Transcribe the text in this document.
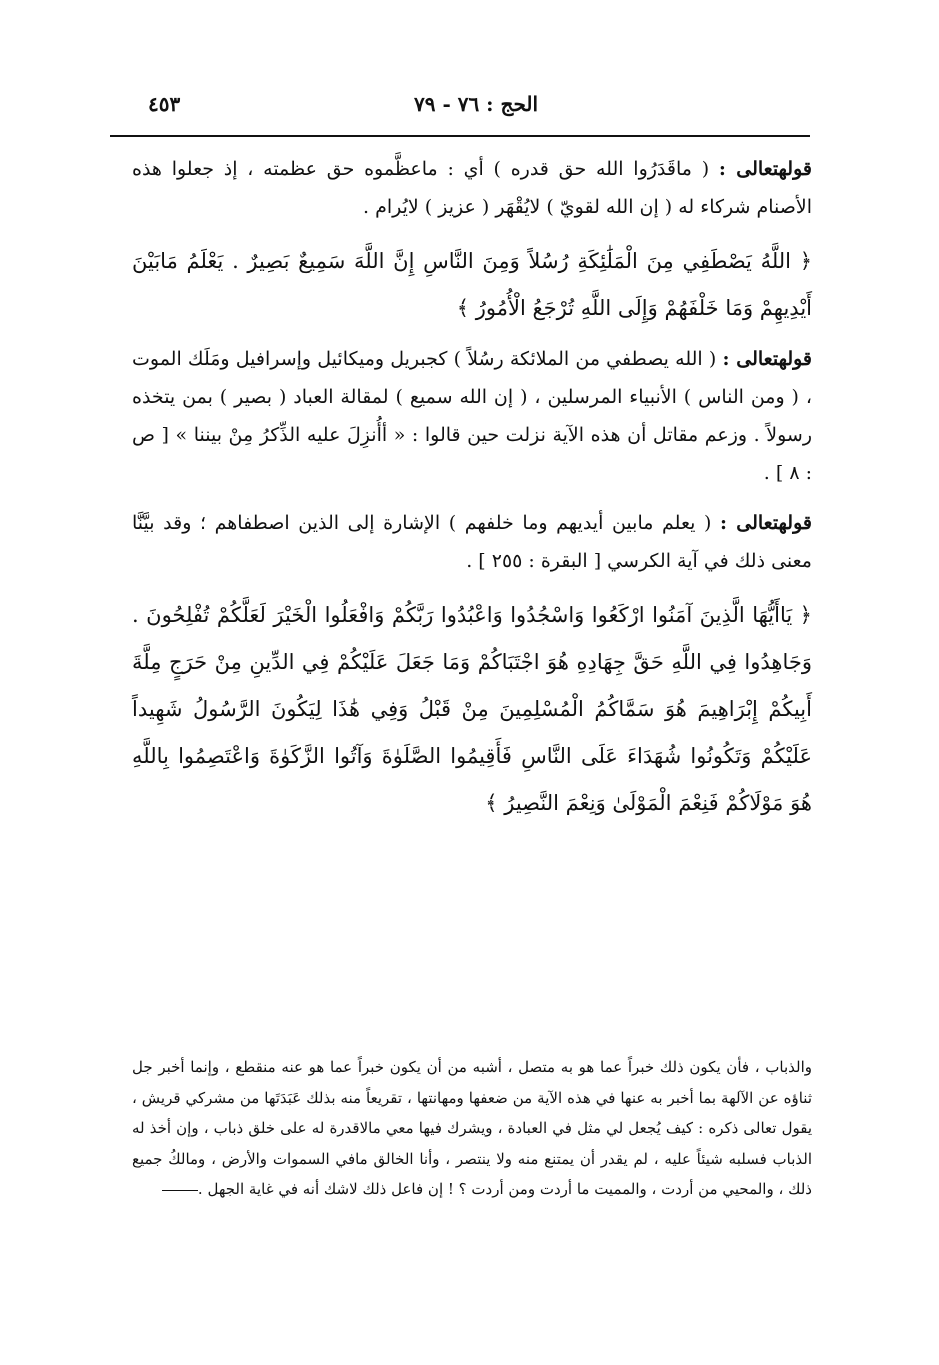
الحج : ٧٦ - ٧٩
٤٥٣

قولهتعالى : ( ماقَدَرُوا الله حق قدره ) أي : ماعظَّموه حق عظمته ، إذ جعلوا هذه الأصنام شركاء له ( إن الله لقويّ ) لايُقْهَر ( عزيز ) لايُرام .

﴿ اللَّهُ يَصْطَفِي مِنَ الْمَلَٰئِكَةِ رُسُلاً وَمِنَ النَّاسِ إِنَّ اللَّهَ سَمِيعٌ بَصِيرٌ . يَعْلَمُ مَابَيْنَ أَيْدِيهِمْ وَمَا خَلْفَهُمْ وَإِلَى اللَّهِ تُرْجَعُ الْأُمُورُ ﴾

قولهتعالى : ( الله يصطفي من الملائكة رسُلاً ) كجبريل وميكائيل وإسرافيل ومَلَك الموت ، ( ومن الناس ) الأنبياء المرسلين ، ( إن الله سميع ) لمقالة العباد ( بصير ) بمن يتخذه رسولاً . وزعم مقاتل أن هذه الآية نزلت حين قالوا : « أأُنزِلَ عليه الذِّكرُ مِنْ بيننا » [ ص : ٨ ] .

قولهتعالى : ( يعلم مابين أيديهم وما خلفهم ) الإشارة إلى الذين اصطفاهم ؛ وقد بيَّنَّا معنى ذلك في آية الكرسي [ البقرة : ٢٥٥ ] .

﴿ يَاأَيُّهَا الَّذِينَ آمَنُوا ارْكَعُوا وَاسْجُدُوا وَاعْبُدُوا رَبَّكُمْ وَافْعَلُوا الْخَيْرَ لَعَلَّكُمْ تُفْلِحُونَ . وَجَاهِدُوا فِي اللَّهِ حَقَّ جِهَادِهِ هُوَ اجْتَبَاكُمْ وَمَا جَعَلَ عَلَيْكُمْ فِي الدِّينِ مِنْ حَرَجٍ مِلَّةَ أَبِيكُمْ إِبْرَاهِيمَ هُوَ سَمَّاكُمُ الْمُسْلِمِينَ مِنْ قَبْلُ وَفِي هَٰذَا لِيَكُونَ الرَّسُولُ شَهِيداً عَلَيْكُمْ وَتَكُونُوا شُهَدَاءَ عَلَى النَّاسِ فَأَقِيمُوا الصَّلَوٰةَ وَآتُوا الزَّكَوٰةَ وَاعْتَصِمُوا بِاللَّهِ هُوَ مَوْلَاكُمْ فَنِعْمَ الْمَوْلَىٰ وَنِعْمَ النَّصِيرُ ﴾

والذباب ، فأن يكون ذلك خبراً عما هو به متصل ، أشبه من أن يكون خبراً عما هو عنه منقطع ، وإنما أخبر جل ثناؤه عن الآلهة بما أخبر به عنها في هذه الآية من ضعفها ومهانتها ، تقريعاً منه بذلك عَبَدَتَها من مشركي قريش ، يقول تعالى ذكره : كيف يُجعل لي مثل في العبادة ، ويشرك فيها معي مالاقدرة له على خلق ذباب ، وإن أخذ له الذباب فسلبه شيئاً عليه ، لم يقدر أن يمتنع منه ولا ينتصر ، وأنا الخالق مافي السموات والأرض ، ومالكُ جميع ذلك ، والمحيي من أردت ، والمميت ما أردت ومن أردت ؟ ! إن فاعل ذلك لاشك أنه في غاية الجهل .
